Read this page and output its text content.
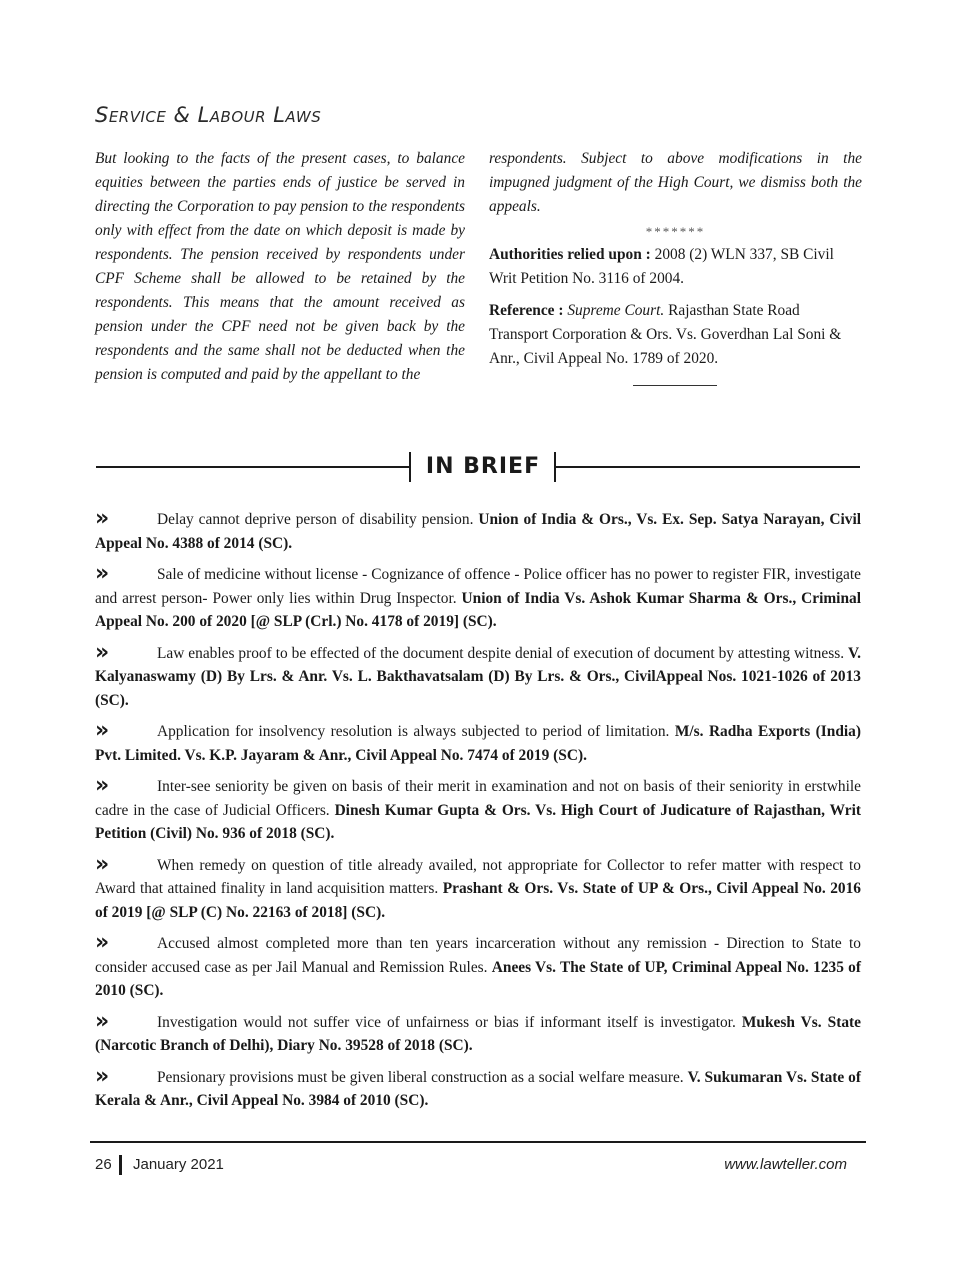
Service & Labour Laws
But looking to the facts of the present cases, to balance equities between the parties ends of justice be served in directing the Corporation to pay pension to the respondents only with effect from the date on which deposit is made by respondents. The pension received by respondents under CPF Scheme shall be allowed to be retained by the respondents. This means that the amount received as pension under the CPF need not be given back by the respondents and the same shall not be deducted when the pension is computed and paid by the appellant to the
respondents. Subject to above modifications in the impugned judgment of the High Court, we dismiss both the appeals.
*******
Authorities relied upon : 2008 (2) WLN 337, SB Civil Writ Petition No. 3116 of 2004.
Reference : Supreme Court. Rajasthan State Road Transport Corporation & Ors. Vs. Goverdhan Lal Soni & Anr., Civil Appeal No. 1789 of 2020.
IN BRIEF

››	Delay cannot deprive person of disability pension. Union of India & Ors., Vs. Ex. Sep. Satya Narayan, Civil Appeal No. 4388 of 2014 (SC).

››	Sale of medicine without license - Cognizance of offence - Police officer has no power to register FIR, investigate and arrest person- Power only lies within Drug Inspector. Union of India Vs. Ashok Kumar Sharma & Ors., Criminal Appeal No. 200 of 2020 [@ SLP (Crl.) No. 4178 of 2019] (SC).

››	Law enables proof to be effected of the document despite denial of execution of document by attesting witness. V. Kalyanaswamy (D) By Lrs. & Anr. Vs. L. Bakthavatsalam (D) By Lrs. & Ors., CivilAppeal Nos. 1021-1026 of 2013 (SC).

››	Application for insolvency resolution is always subjected to period of limitation. M/s. Radha Exports (India) Pvt. Limited. Vs. K.P. Jayaram & Anr., Civil Appeal No. 7474 of 2019 (SC).

››	Inter-see seniority be given on basis of their merit in examination and not on basis of their seniority in erstwhile cadre in the case of Judicial Officers. Dinesh Kumar Gupta & Ors. Vs. High Court of Judicature of Rajasthan, Writ Petition (Civil) No. 936 of 2018 (SC).

››	When remedy on question of title already availed, not appropriate for Collector to refer matter with respect to Award that attained finality in land acquisition matters. Prashant & Ors. Vs. State of UP & Ors., Civil Appeal No. 2016 of 2019 [@ SLP (C) No. 22163 of 2018] (SC).

››	Accused almost completed more than ten years incarceration without any remission - Direction to State to consider accused case as per Jail Manual and Remission Rules. Anees Vs. The State of UP, Criminal Appeal No. 1235 of 2010 (SC).

››	Investigation would not suffer vice of unfairness or bias if informant itself is investigator. Mukesh Vs. State (Narcotic Branch of Delhi), Diary No. 39528 of 2018 (SC).

››	Pensionary provisions must be given liberal construction as a social welfare measure. V. Sukumaran Vs. State of Kerala & Anr., Civil Appeal No. 3984 of 2010 (SC).

26 January 2021	www.lawteller.com
